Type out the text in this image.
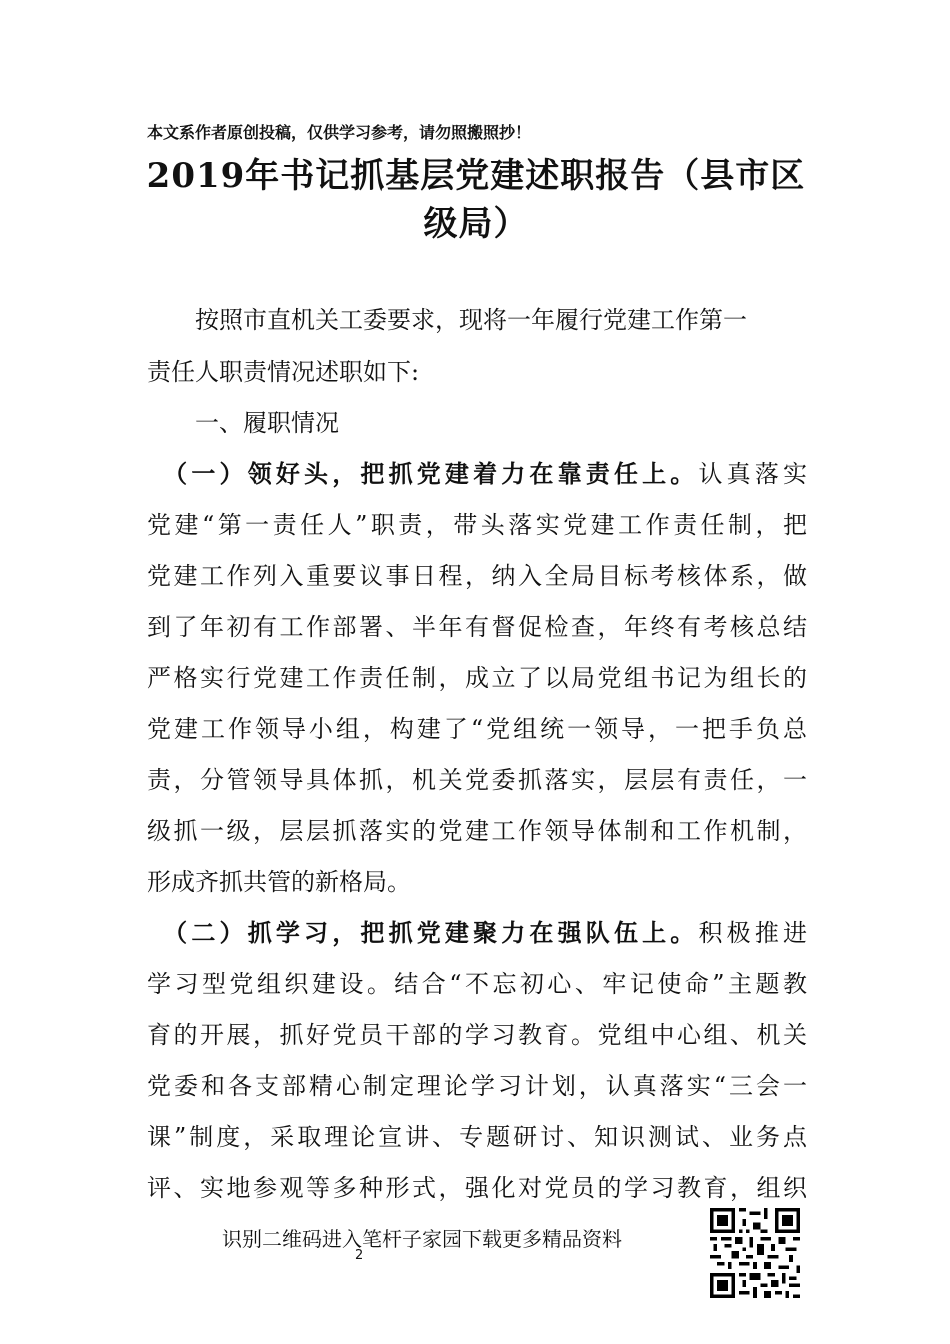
本文系作者原创投稿，仅供学习参考，请勿照搬照抄！
2019年书记抓基层党建述职报告（县市区
级局）
　　按照市直机关工委要求，现将一年履行党建工作第一
责任人职责情况述职如下:
　　一、履职情况
　（一）领好头，把抓党建着力在靠责任上。认真落实
党建“第一责任人”职责，带头落实党建工作责任制，把
党建工作列入重要议事日程，纳入全局目标考核体系，做
到了年初有工作部署、半年有督促检查，年终有考核总结
严格实行党建工作责任制，成立了以局党组书记为组长的
党建工作领导小组，构建了“党组统一领导，一把手负总
责，分管领导具体抓，机关党委抓落实，层层有责任，一
级抓一级，层层抓落实的党建工作领导体制和工作机制，
形成齐抓共管的新格局。
　（二）抓学习，把抓党建聚力在强队伍上。积极推进
学习型党组织建设。结合“不忘初心、牢记使命”主题教
育的开展，抓好党员干部的学习教育。党组中心组、机关
党委和各支部精心制定理论学习计划，认真落实“三会一
课”制度，采取理论宣讲、专题研讨、知识测试、业务点
评、实地参观等多种形式，强化对党员的学习教育，组织
识别二维码进入笔杆子家园下载更多精品资料
2
